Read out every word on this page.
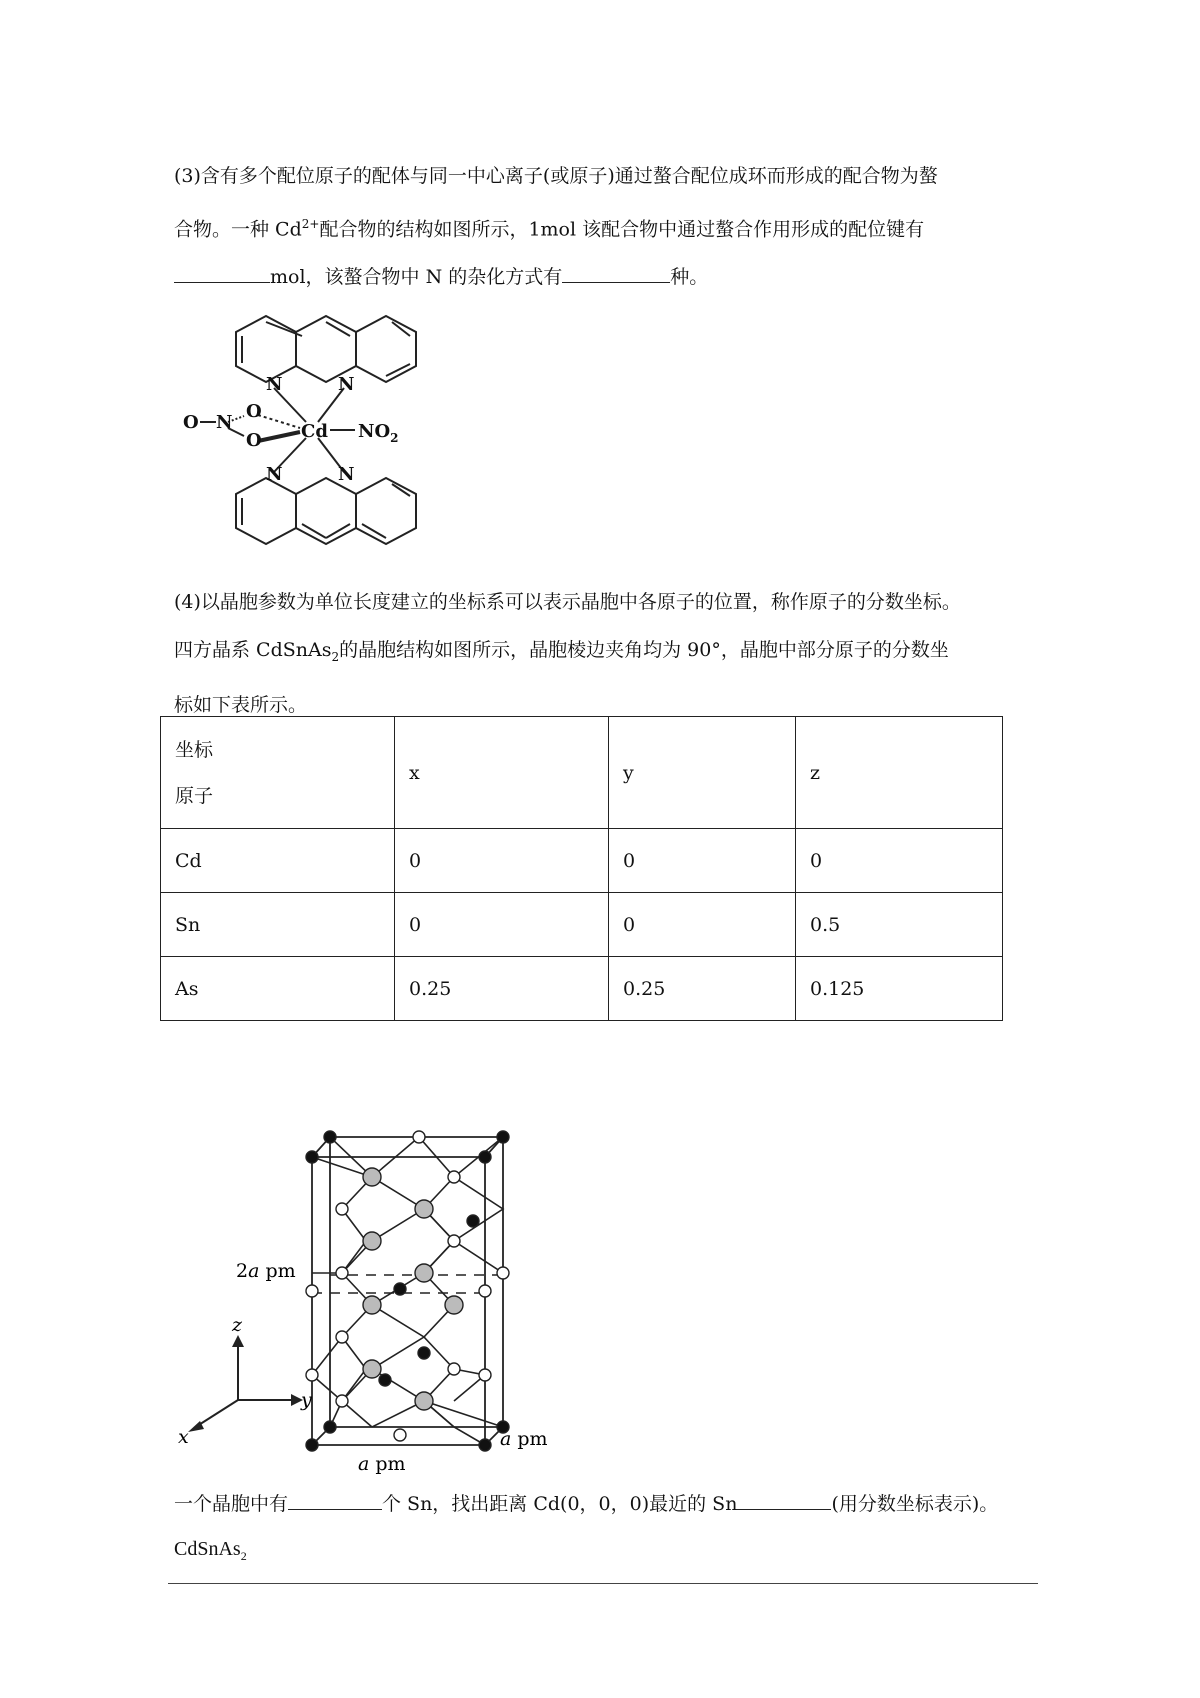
(3)含有多个配位原子的配体与同一中心离子(或原子)通过螯合配位成环而形成的配合物为螯
合物。一种 $Cd^{2+}$配合物的结构如图所示，1mol 该配合物中通过螯合作用形成的配位键有
mol，该螯合物中 N 的杂化方式有	种。
N	N
N	N
Cd $NO_2$
O N
O
O
(4)以晶胞参数为单位长度建立的坐标系可以表示晶胞中各原子的位置，称作原子的分数坐标。
四方晶系 CdSnAs$_2$的晶胞结构如图所示，晶胞棱边夹角均为 90°，晶胞中部分原子的分数坐
标如下表所示。
坐标
原子	x	y	z
Cd	0	0	0
Sn	0	0	0.5
As	0.25	0.25	0.125
2a pm
a pm
a pm
z
y
x
一个晶胞中有	个 Sn，找出距离 Cd(0，0，0)最近的 Sn	(用分数坐标表示)。
CdSnAs$_2$
